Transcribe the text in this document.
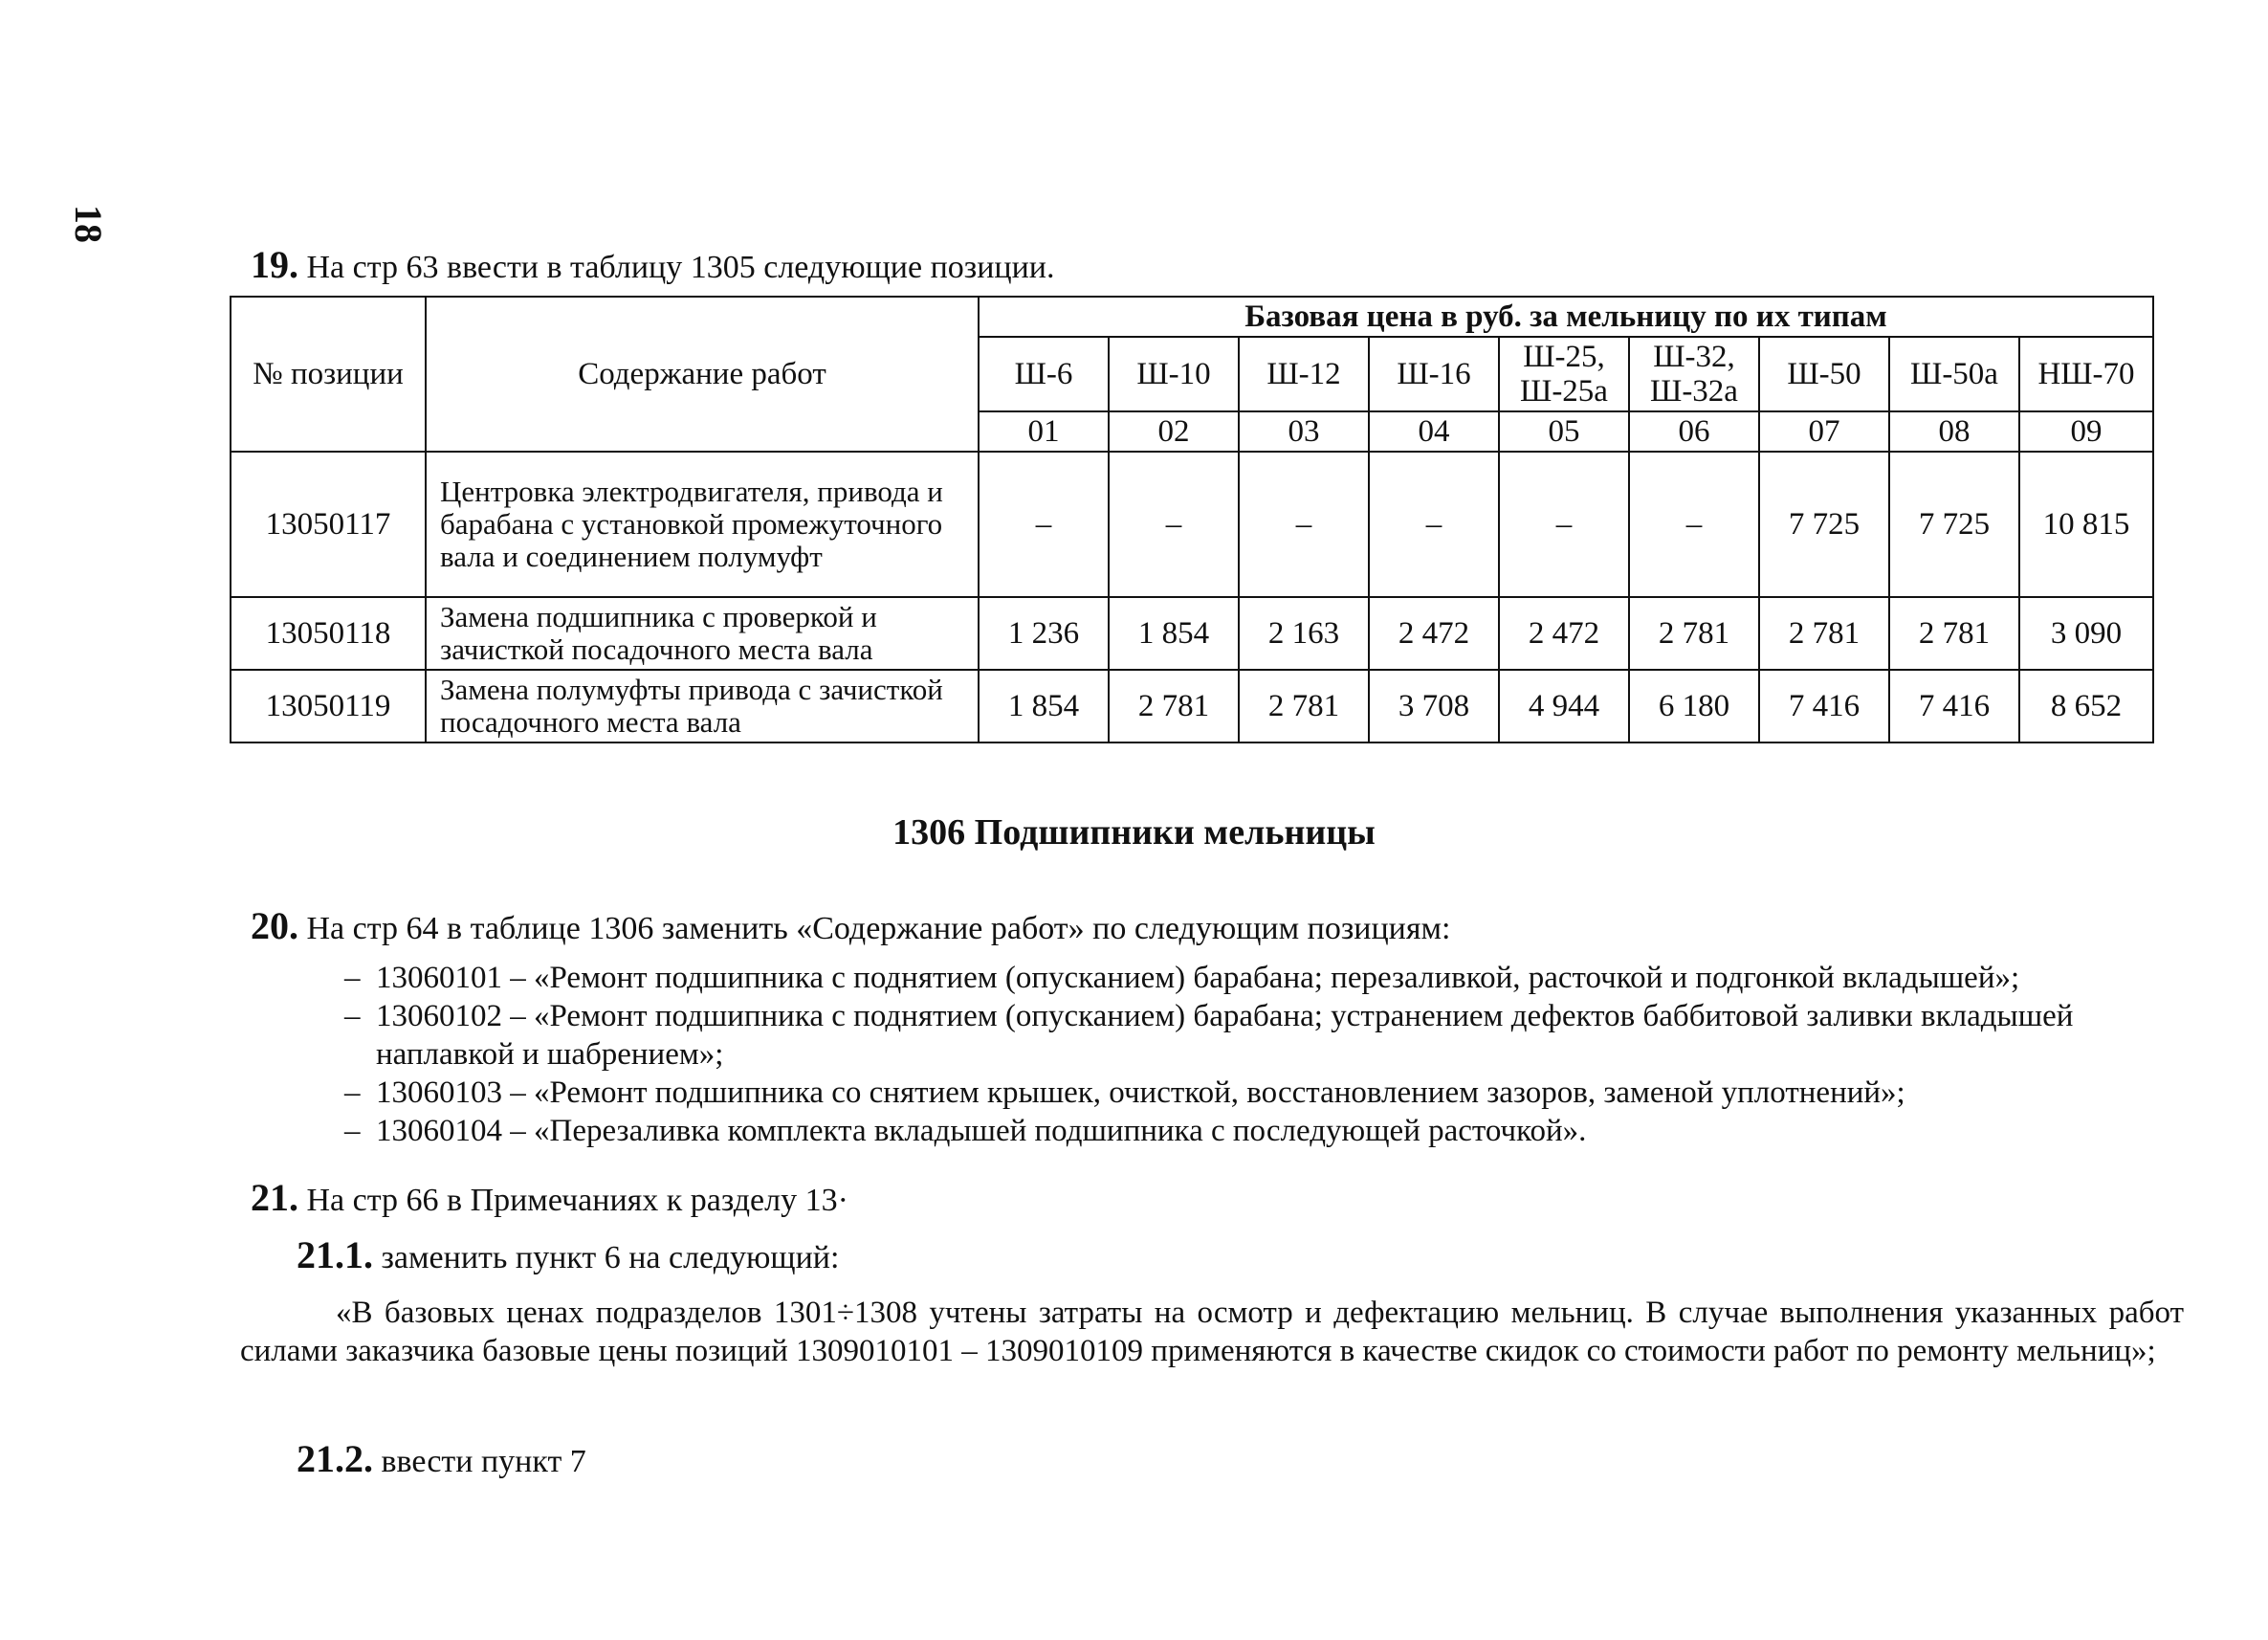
18
19. На стр 63 ввести в таблицу 1305 следующие позиции.
№ позиции	Содержание работ	Базовая цена в руб. за мельницу по их типам								
		Ш-6	Ш-10	Ш-12	Ш-16	Ш-25, Ш-25а	Ш-32, Ш-32а	Ш-50	Ш-50а	НШ-70
		01	02	03	04	05	06	07	08	09
13050117	Центровка электродвигателя, привода и барабана с установкой промежуточного вала и соединением полумуфт	–	–	–	–	–	–	7 725	7 725	10 815
13050118	Замена подшипника с проверкой и зачисткой посадочного места вала	1 236	1 854	2 163	2 472	2 472	2 781	2 781	2 781	3 090
13050119	Замена полумуфты привода с зачисткой посадочного места вала	1 854	2 781	2 781	3 708	4 944	6 180	7 416	7 416	8 652
1306 Подшипники мельницы
20. На стр 64 в таблице 1306 заменить «Содержание работ» по следующим позициям:
– 13060101 – «Ремонт подшипника с поднятием (опусканием) барабана; перезаливкой, расточкой и подгонкой вкладышей»;
– 13060102 – «Ремонт подшипника с поднятием (опусканием) барабана; устранением дефектов баббитовой заливки вкладышей наплавкой и шабрением»;
– 13060103 – «Ремонт подшипника со снятием крышек, очисткой, восстановлением зазоров, заменой уплотнений»;
– 13060104 – «Перезаливка комплекта вкладышей подшипника с последующей расточкой».
21. На стр 66 в Примечаниях к разделу 13·
21.1. заменить пункт 6 на следующий:
«В базовых ценах подразделов 1301÷1308 учтены затраты на осмотр и дефектацию мельниц. В случае выполнения указанных работ силами заказчика базовые цены позиций 1309010101 – 1309010109 применяются в качестве скидок со стоимости работ по ремонту мельниц»;
21.2. ввести пункт 7
